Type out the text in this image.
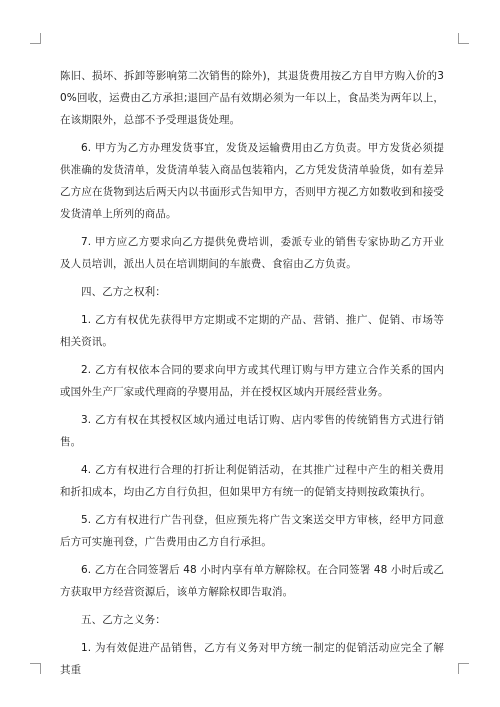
陈旧、损坏、拆卸等影响第二次销售的除外)，其退货费用按乙方自甲方购入价的30%回收，运费由乙方承担;退回产品有效期必须为一年以上，食品类为两年以上，在该期限外，总部不予受理退货处理。

6. 甲方为乙方办理发货事宜，发货及运输费用由乙方负责。甲方发货必须提供准确的发货清单，发货清单装入商品包装箱内，乙方凭发货清单验货，如有差异乙方应在货物到达后两天内以书面形式告知甲方，否则甲方视乙方如数收到和接受发货清单上所列的商品。

7. 甲方应乙方要求向乙方提供免费培训，委派专业的销售专家协助乙方开业及人员培训，派出人员在培训期间的车旅费、食宿由乙方负责。

四、乙方之权利：

1. 乙方有权优先获得甲方定期或不定期的产品、营销、推广、促销、市场等相关资讯。

2. 乙方有权依本合同的要求向甲方或其代理订购与甲方建立合作关系的国内或国外生产厂家或代理商的孕婴用品，并在授权区域内开展经营业务。

3. 乙方有权在其授权区域内通过电话订购、店内零售的传统销售方式进行销售。

4. 乙方有权进行合理的打折让利促销活动，在其推广过程中产生的相关费用和折扣成本，均由乙方自行负担，但如果甲方有统一的促销支持则按政策执行。

5. 乙方有权进行广告刊登，但应预先将广告文案送交甲方审核，经甲方同意后方可实施刊登，广告费用由乙方自行承担。

6. 乙方在合同签署后 48 小时内享有单方解除权。在合同签署 48 小时后或乙方获取甲方经营资源后，该单方解除权即告取消。

五、乙方之义务：

1. 为有效促进产品销售，乙方有义务对甲方统一制定的促销活动应完全了解其重
